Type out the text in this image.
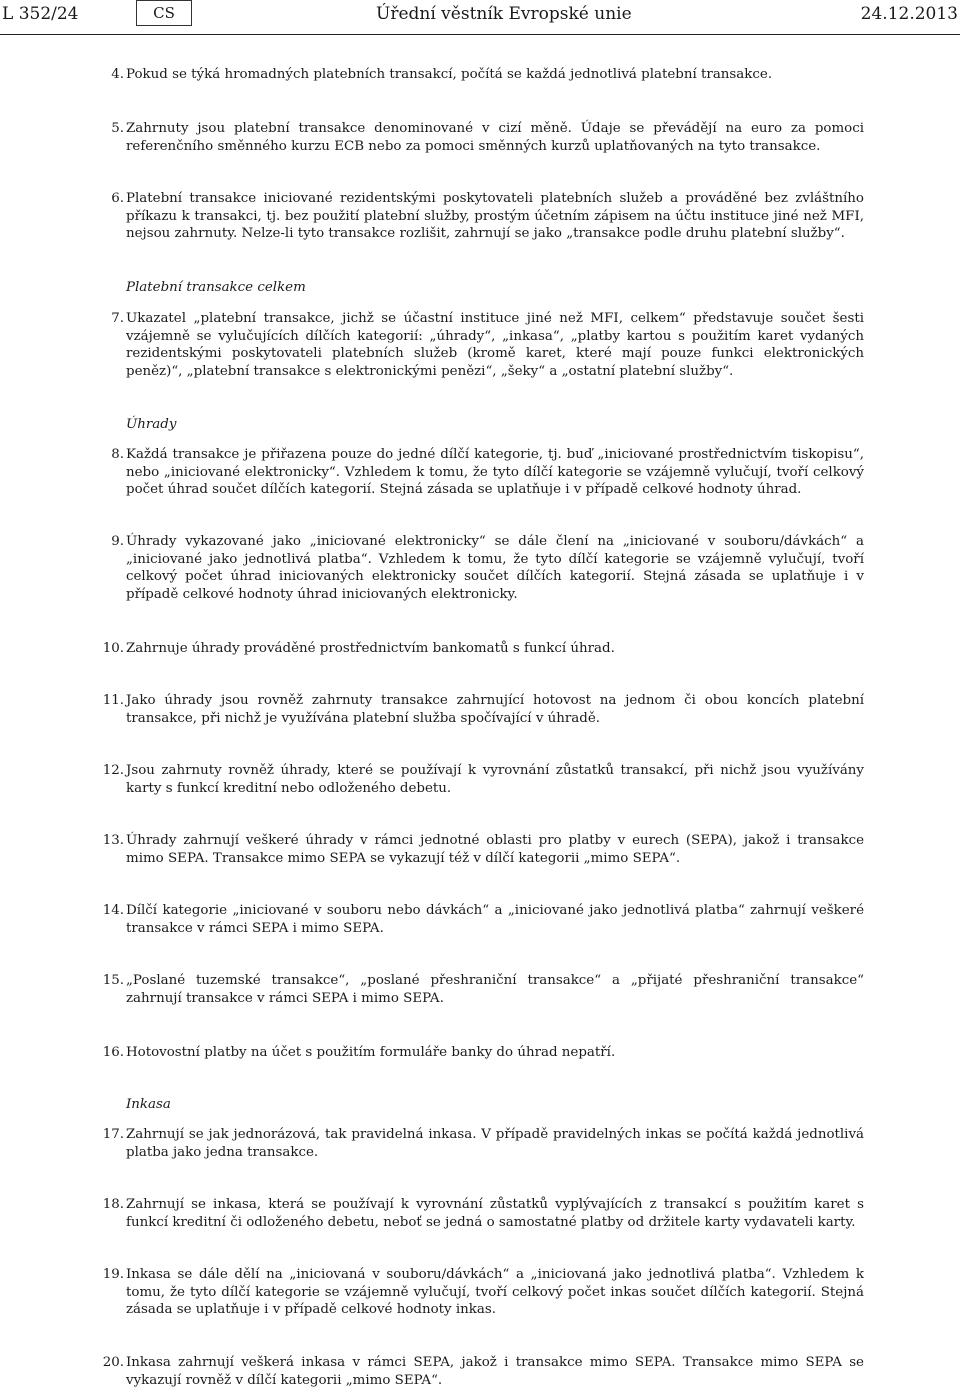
L 352/24	CS	Úřední věstník Evropské unie	24.12.2013
4. Pokud se týká hromadných platebních transakcí, počítá se každá jednotlivá platební transakce.
5. Zahrnuty jsou platební transakce denominované v cizí měně. Údaje se převádějí na euro za pomoci referenčního směnného kurzu ECB nebo za pomoci směnných kurzů uplatňovaných na tyto transakce.
6. Platební transakce iniciované rezidentskými poskytovateli platebních služeb a prováděné bez zvláštního příkazu k transakci, tj. bez použití platební služby, prostým účetním zápisem na účtu instituce jiné než MFI, nejsou zahrnuty. Nelze-li tyto transakce rozlišit, zahrnují se jako „transakce podle druhu platební služby“.
Platební transakce celkem
7. Ukazatel „platební transakce, jichž se účastní instituce jiné než MFI, celkem“ představuje součet šesti vzájemně se vylučujících dílčích kategorií: „úhrady“, „inkasa“, „platby kartou s použitím karet vydaných rezidentskými poskytovateli platebních služeb (kromě karet, které mají pouze funkci elektronických peněz)“, „platební transakce s elektronickými penězi“, „šeky“ a „ostatní platební služby“.
Úhrady
8. Každá transakce je přiřazena pouze do jedné dílčí kategorie, tj. buď „iniciované prostřednictvím tiskopisu“, nebo „iniciované elektronicky“. Vzhledem k tomu, že tyto dílčí kategorie se vzájemně vylučují, tvoří celkový počet úhrad součet dílčích kategorií. Stejná zásada se uplatňuje i v případě celkové hodnoty úhrad.
9. Úhrady vykazované jako „iniciované elektronicky“ se dále člení na „iniciované v souboru/dávkách“ a „iniciované jako jednotlivá platba“. Vzhledem k tomu, že tyto dílčí kategorie se vzájemně vylučují, tvoří celkový počet úhrad iniciovaných elektronicky součet dílčích kategorií. Stejná zásada se uplatňuje i v případě celkové hodnoty úhrad iniciovaných elektronicky.
10. Zahrnuje úhrady prováděné prostřednictvím bankomatů s funkcí úhrad.
11. Jako úhrady jsou rovněž zahrnuty transakce zahrnující hotovost na jednom či obou koncích platební transakce, při nichž je využívána platební služba spočívající v úhradě.
12. Jsou zahrnuty rovněž úhrady, které se používají k vyrovnání zůstatků transakcí, při nichž jsou využívány karty s funkcí kreditní nebo odloženého debetu.
13. Úhrady zahrnují veškeré úhrady v rámci jednotné oblasti pro platby v eurech (SEPA), jakož i transakce mimo SEPA. Transakce mimo SEPA se vykazují též v dílčí kategorii „mimo SEPA“.
14. Dílčí kategorie „iniciované v souboru nebo dávkách“ a „iniciované jako jednotlivá platba“ zahrnují veškeré transakce v rámci SEPA i mimo SEPA.
15. „Poslané tuzemské transakce“, „poslané přeshraniční transakce“ a „přijaté přeshraniční transakce“ zahrnují transakce v rámci SEPA i mimo SEPA.
16. Hotovostní platby na účet s použitím formuláře banky do úhrad nepatří.
Inkasa
17. Zahrnují se jak jednorázová, tak pravidelná inkasa. V případě pravidelných inkas se počítá každá jednotlivá platba jako jedna transakce.
18. Zahrnují se inkasa, která se používají k vyrovnání zůstatků vyplývajících z transakcí s použitím karet s funkcí kreditní či odloženého debetu, neboť se jedná o samostatné platby od držitele karty vydavateli karty.
19. Inkasa se dále dělí na „iniciovaná v souboru/dávkách“ a „iniciovaná jako jednotlivá platba“. Vzhledem k tomu, že tyto dílčí kategorie se vzájemně vylučují, tvoří celkový počet inkas součet dílčích kategorií. Stejná zásada se uplatňuje i v případě celkové hodnoty inkas.
20. Inkasa zahrnují veškerá inkasa v rámci SEPA, jakož i transakce mimo SEPA. Transakce mimo SEPA se vykazují rovněž v dílčí kategorii „mimo SEPA“.
